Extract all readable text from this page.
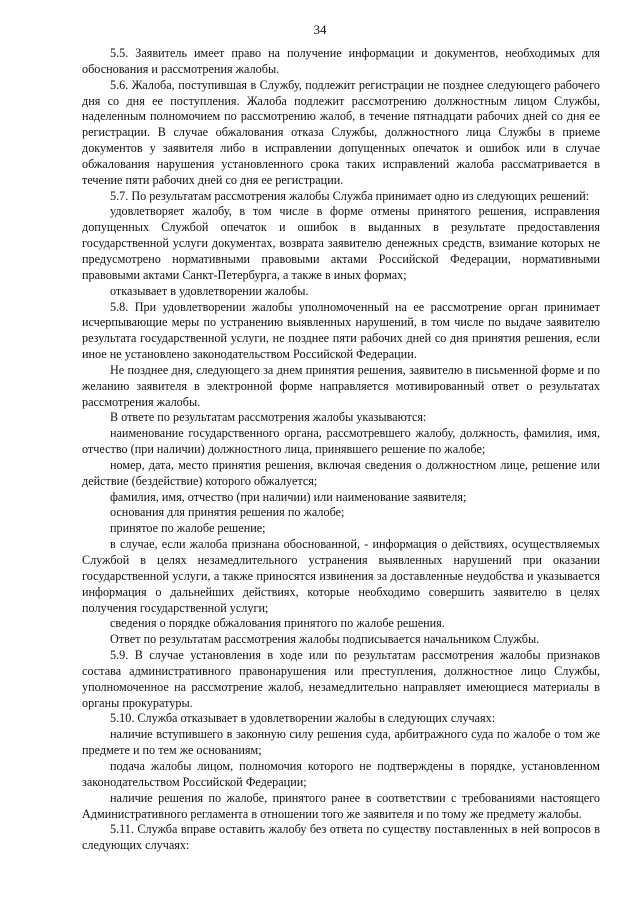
34

5.5. Заявитель имеет право на получение информации и документов, необходимых для обоснования и рассмотрения жалобы.

5.6. Жалоба, поступившая в Службу, подлежит регистрации не позднее следующего рабочего дня со дня ее поступления. Жалоба подлежит рассмотрению должностным лицом Службы, наделенным полномочием по рассмотрению жалоб, в течение пятнадцати рабочих дней со дня ее регистрации. В случае обжалования отказа Службы, должностного лица Службы в приеме документов у заявителя либо в исправлении допущенных опечаток и ошибок или в случае обжалования нарушения установленного срока таких исправлений жалоба рассматривается в течение пяти рабочих дней со дня ее регистрации.

5.7. По результатам рассмотрения жалобы Служба принимает одно из следующих решений:

удовлетворяет жалобу, в том числе в форме отмены принятого решения, исправления допущенных Службой опечаток и ошибок в выданных в результате предоставления государственной услуги документах, возврата заявителю денежных средств, взимание которых не предусмотрено нормативными правовыми актами Российской Федерации, нормативными правовыми актами Санкт-Петербурга, а также в иных формах;

отказывает в удовлетворении жалобы.

5.8. При удовлетворении жалобы уполномоченный на ее рассмотрение орган принимает исчерпывающие меры по устранению выявленных нарушений, в том числе по выдаче заявителю результата государственной услуги, не позднее пяти рабочих дней со дня принятия решения, если иное не установлено законодательством Российской Федерации.

Не позднее дня, следующего за днем принятия решения, заявителю в письменной форме и по желанию заявителя в электронной форме направляется мотивированный ответ о результатах рассмотрения жалобы.

В ответе по результатам рассмотрения жалобы указываются:

наименование государственного органа, рассмотревшего жалобу, должность, фамилия, имя, отчество (при наличии) должностного лица, принявшего решение по жалобе;

номер, дата, место принятия решения, включая сведения о должностном лице, решение или действие (бездействие) которого обжалуется;

фамилия, имя, отчество (при наличии) или наименование заявителя;

основания для принятия решения по жалобе;

принятое по жалобе решение;

в случае, если жалоба признана обоснованной, - информация о действиях, осуществляемых Службой в целях незамедлительного устранения выявленных нарушений при оказании государственной услуги, а также приносятся извинения за доставленные неудобства и указывается информация о дальнейших действиях, которые необходимо совершить заявителю в целях получения государственной услуги;

сведения о порядке обжалования принятого по жалобе решения.

Ответ по результатам рассмотрения жалобы подписывается начальником Службы.

5.9. В случае установления в ходе или по результатам рассмотрения жалобы признаков состава административного правонарушения или преступления, должностное лицо Службы, уполномоченное на рассмотрение жалоб, незамедлительно направляет имеющиеся материалы в органы прокуратуры.

5.10. Служба отказывает в удовлетворении жалобы в следующих случаях:

наличие вступившего в законную силу решения суда, арбитражного суда по жалобе о том же предмете и по тем же основаниям;

подача жалобы лицом, полномочия которого не подтверждены в порядке, установленном законодательством Российской Федерации;

наличие решения по жалобе, принятого ранее в соответствии с требованиями настоящего Административного регламента в отношении того же заявителя и по тому же предмету жалобы.

5.11. Служба вправе оставить жалобу без ответа по существу поставленных в ней вопросов в следующих случаях:
